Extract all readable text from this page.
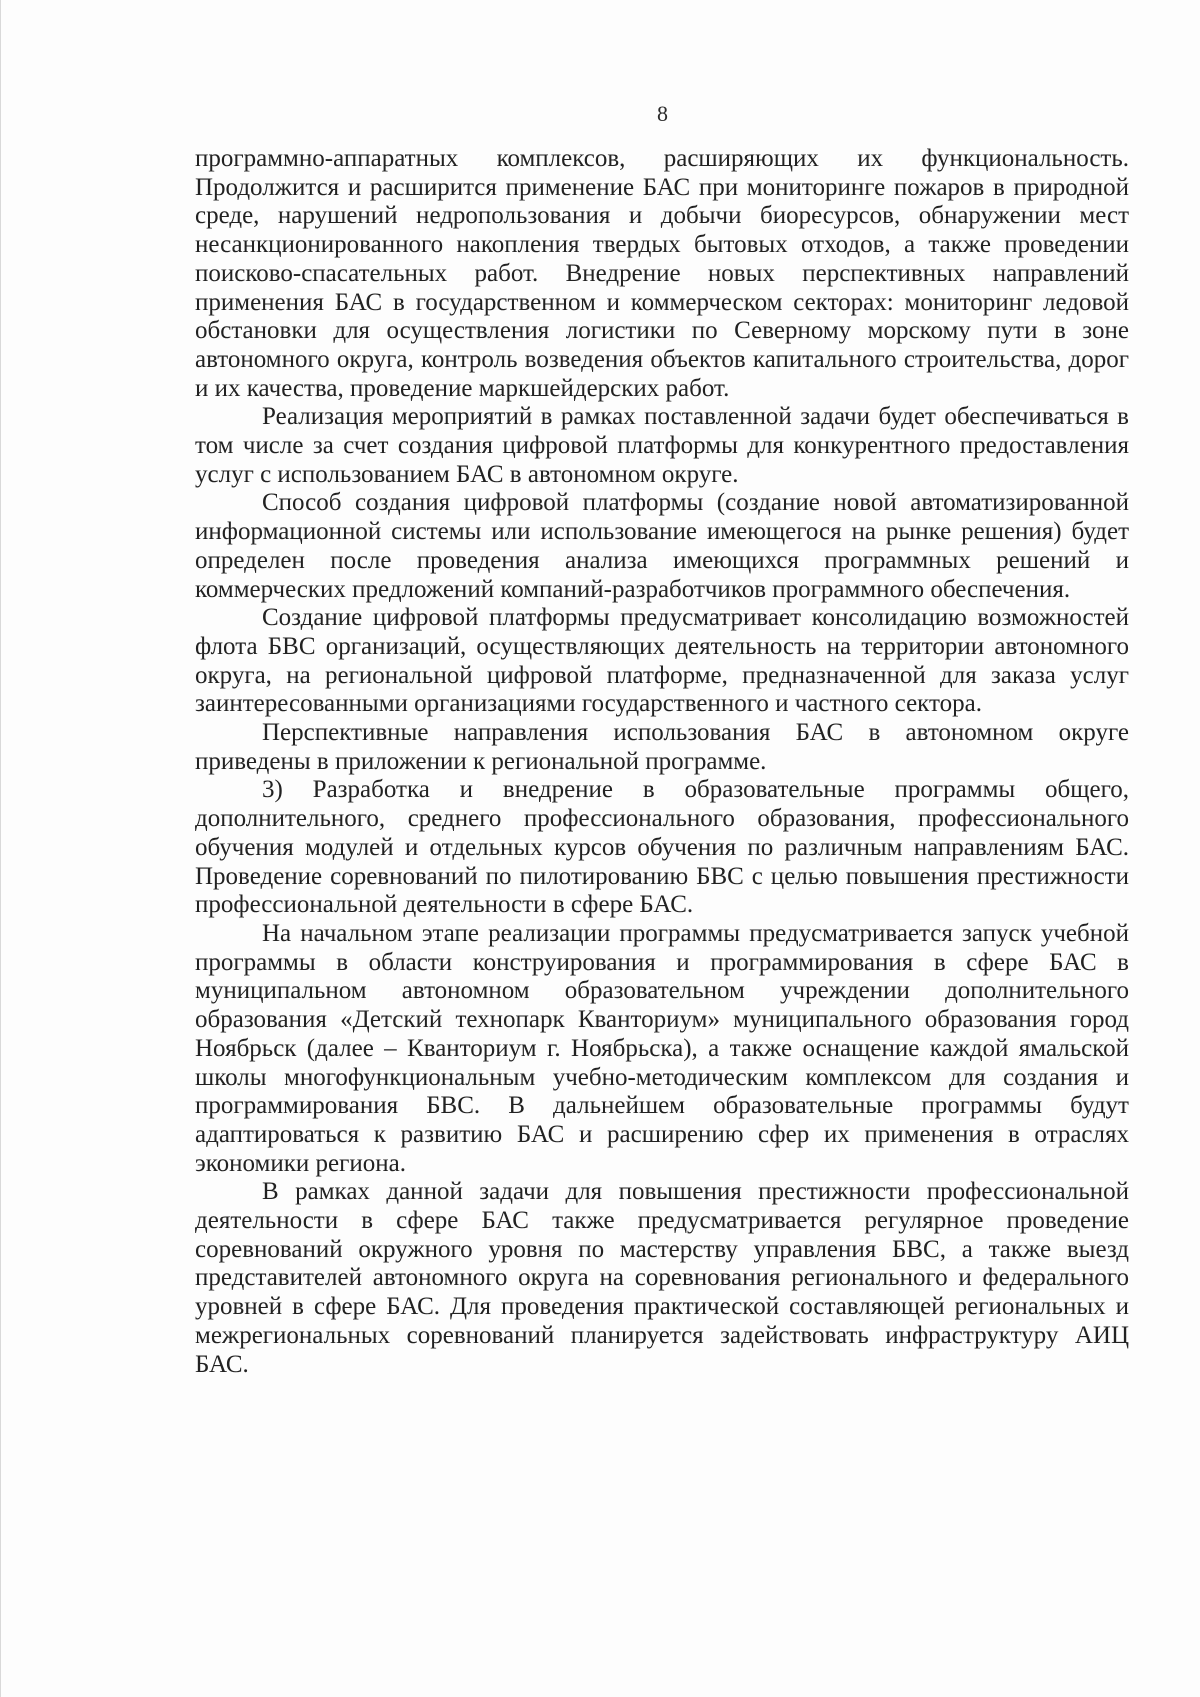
8

программно-аппаратных комплексов, расширяющих их функциональность. Продолжится и расширится применение БАС при мониторинге пожаров в природной среде, нарушений недропользования и добычи биоресурсов, обнаружении мест несанкционированного накопления твердых бытовых отходов, а также проведении поисково-спасательных работ. Внедрение новых перспективных направлений применения БАС в государственном и коммерческом секторах: мониторинг ледовой обстановки для осуществления логистики по Северному морскому пути в зоне автономного округа, контроль возведения объектов капитального строительства, дорог и их качества, проведение маркшейдерских работ.

Реализация мероприятий в рамках поставленной задачи будет обеспечиваться в том числе за счет создания цифровой платформы для конкурентного предоставления услуг с использованием БАС в автономном округе.

Способ создания цифровой платформы (создание новой автоматизированной информационной системы или использование имеющегося на рынке решения) будет определен после проведения анализа имеющихся программных решений и коммерческих предложений компаний-разработчиков программного обеспечения.

Создание цифровой платформы предусматривает консолидацию возможностей флота БВС организаций, осуществляющих деятельность на территории автономного округа, на региональной цифровой платформе, предназначенной для заказа услуг заинтересованными организациями государственного и частного сектора.

Перспективные направления использования БАС в автономном округе приведены в приложении к региональной программе.

3) Разработка и внедрение в образовательные программы общего, дополнительного, среднего профессионального образования, профессионального обучения модулей и отдельных курсов обучения по различным направлениям БАС. Проведение соревнований по пилотированию БВС с целью повышения престижности профессиональной деятельности в сфере БАС.

На начальном этапе реализации программы предусматривается запуск учебной программы в области конструирования и программирования в сфере БАС в муниципальном автономном образовательном учреждении дополнительного образования «Детский технопарк Кванториум» муниципального образования город Ноябрьск (далее – Кванториум г. Ноябрьска), а также оснащение каждой ямальской школы многофункциональным учебно-методическим комплексом для создания и программирования БВС. В дальнейшем образовательные программы будут адаптироваться к развитию БАС и расширению сфер их применения в отраслях экономики региона.

В рамках данной задачи для повышения престижности профессиональной деятельности в сфере БАС также предусматривается регулярное проведение соревнований окружного уровня по мастерству управления БВС, а также выезд представителей автономного округа на соревнования регионального и федерального уровней в сфере БАС. Для проведения практической составляющей региональных и межрегиональных соревнований планируется задействовать инфраструктуру АИЦ БАС.
